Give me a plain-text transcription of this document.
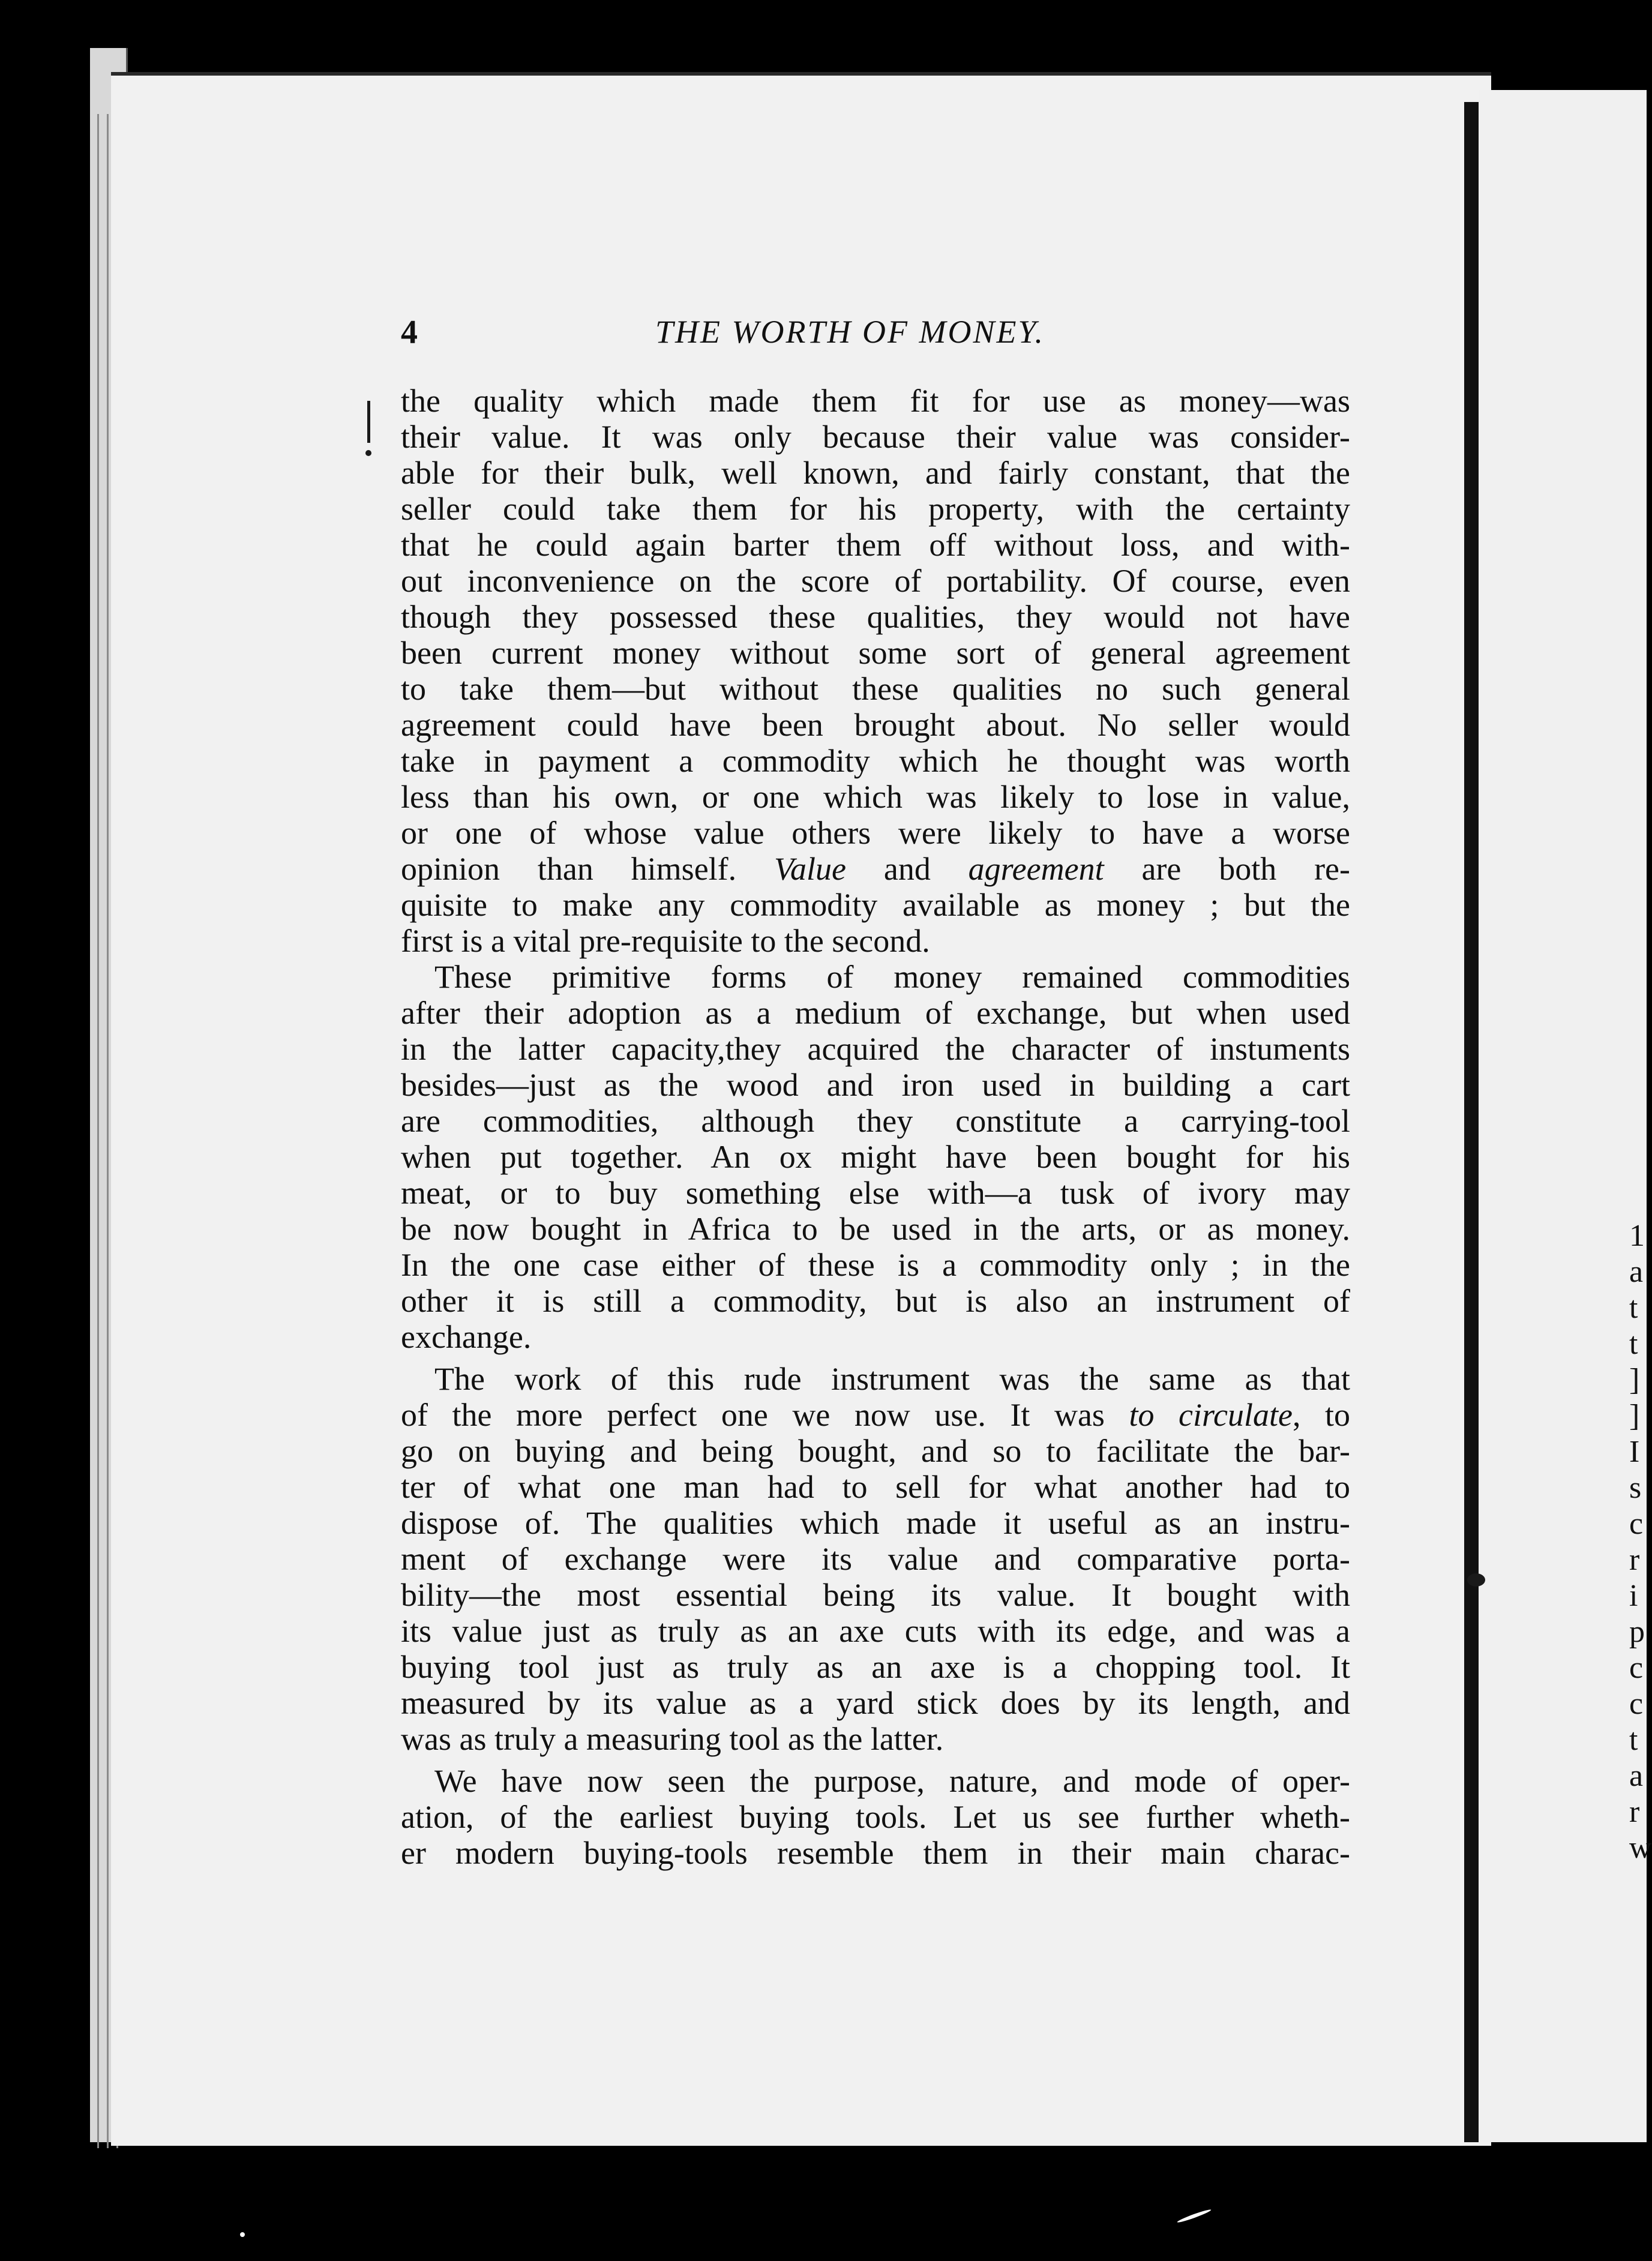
1
a
t
t
]
]
I
s
c
r
i
p
c
c
t
a
r
w
4	THE WORTH OF MONEY.

the quality which made them fit for use as money—was
their value. It was only because their value was consider-
able for their bulk, well known, and fairly constant, that the
seller could take them for his property, with the certainty
that he could again barter them off without loss, and with-
out inconvenience on the score of portability. Of course, even
though they possessed these qualities, they would not have
been current money without some sort of general agreement
to take them—but without these qualities no such general
agreement could have been brought about. No seller would
take in payment a commodity which he thought was worth
less than his own, or one which was likely to lose in value,
or one of whose value others were likely to have a worse
opinion than himself. Value and agreement are both re-
quisite to make any commodity available as money ; but the
first is a vital pre-requisite to the second.

These primitive forms of money remained commodities
after their adoption as a medium of exchange, but when used
in the latter capacity,they acquired the character of instuments
besides—just as the wood and iron used in building a cart
are commodities, although they constitute a carrying-tool
when put together. An ox might have been bought for his
meat, or to buy something else with—a tusk of ivory may
be now bought in Africa to be used in the arts, or as money.
In the one case either of these is a commodity only ; in the
other it is still a commodity, but is also an instrument of
exchange.

The work of this rude instrument was the same as that
of the more perfect one we now use. It was to circulate, to
go on buying and being bought, and so to facilitate the bar-
ter of what one man had to sell for what another had to
dispose of. The qualities which made it useful as an instru-
ment of exchange were its value and comparative porta-
bility—the most essential being its value. It bought with
its value just as truly as an axe cuts with its edge, and was a
buying tool just as truly as an axe is a chopping tool. It
measured by its value as a yard stick does by its length, and
was as truly a measuring tool as the latter.

We have now seen the purpose, nature, and mode of oper-
ation, of the earliest buying tools. Let us see further wheth-
er modern buying-tools resemble them in their main charac-
